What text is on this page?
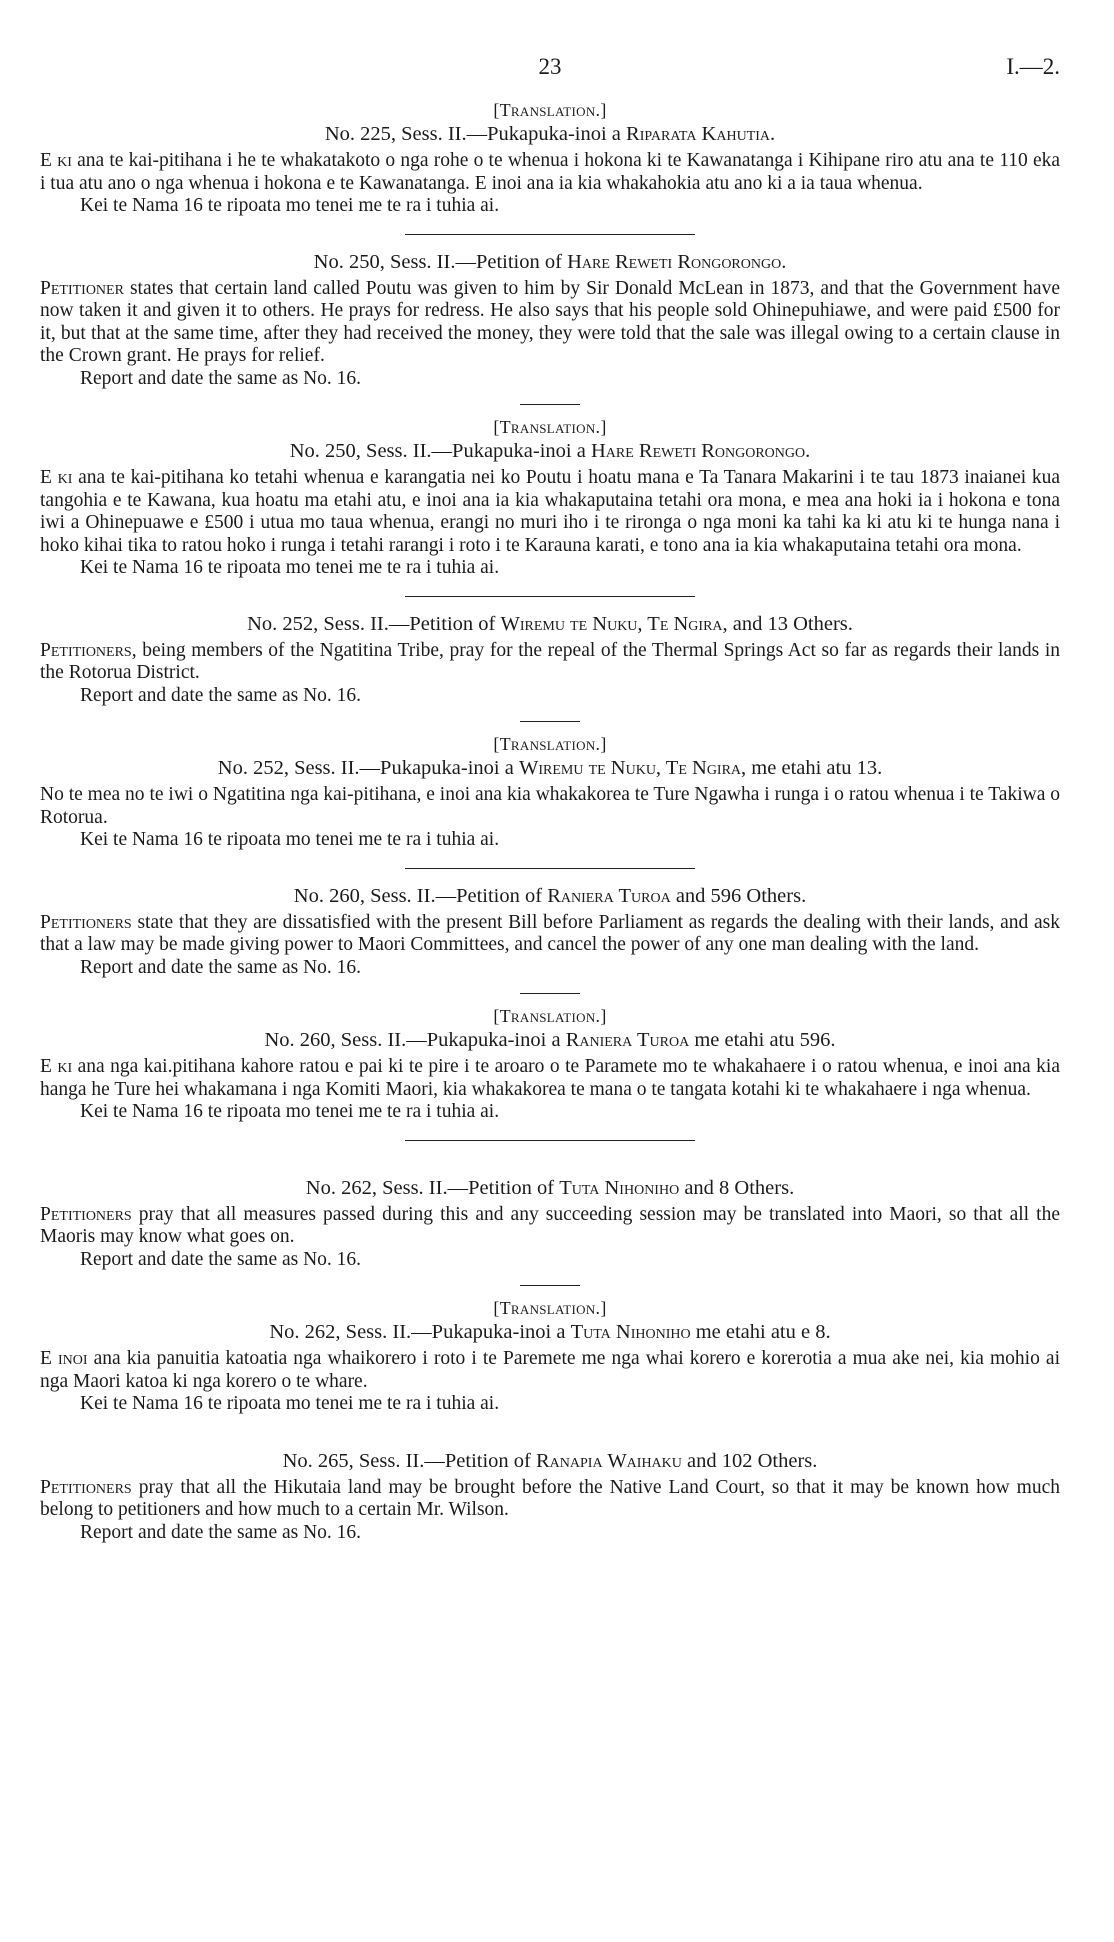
23	I.—2.
[Translation.]
No. 225, Sess. II.—Pukapuka-inoi a Riparata Kahutia.

E ki ana te kai-pitihana i he te whakatakoto o nga rohe o te whenua i hokona ki te Kawanatanga i Kihipane riro atu ana te 110 eka i tua atu ano o nga whenua i hokona e te Kawanatanga. E inoi ana ia kia whakahokia atu ano ki a ia taua whenua.

Kei te Nama 16 te ripoata mo tenei me te ra i tuhia ai.

No. 250, Sess. II.—Petition of Hare Reweti Rongorongo.

Petitioner states that certain land called Poutu was given to him by Sir Donald McLean in 1873, and that the Government have now taken it and given it to others. He prays for redress. He also says that his people sold Ohinepuhiawe, and were paid £500 for it, but that at the same time, after they had received the money, they were told that the sale was illegal owing to a certain clause in the Crown grant. He prays for relief.

Report and date the same as No. 16.

[Translation.]
No. 250, Sess. II.—Pukapuka-inoi a Hare Reweti Rongorongo.

E ki ana te kai-pitihana ko tetahi whenua e karangatia nei ko Poutu i hoatu mana e Ta Tanara Makarini i te tau 1873 inaianei kua tangohia e te Kawana, kua hoatu ma etahi atu, e inoi ana ia kia whakaputaina tetahi ora mona, e mea ana hoki ia i hokona e tona iwi a Ohinepuawe e £500 i utua mo taua whenua, erangi no muri iho i te rironga o nga moni ka tahi ka ki atu ki te hunga nana i hoko kihai tika to ratou hoko i runga i tetahi rarangi i roto i te Karauna karati, e tono ana ia kia whakaputaina tetahi ora mona.

Kei te Nama 16 te ripoata mo tenei me te ra i tuhia ai.

No. 252, Sess. II.—Petition of Wiremu te Nuku, Te Ngira, and 13 Others.

Petitioners, being members of the Ngatitina Tribe, pray for the repeal of the Thermal Springs Act so far as regards their lands in the Rotorua District.

Report and date the same as No. 16.

[Translation.]
No. 252, Sess. II.—Pukapuka-inoi a Wiremu te Nuku, Te Ngira, me etahi atu 13.

No te mea no te iwi o Ngatitina nga kai-pitihana, e inoi ana kia whakakorea te Ture Ngawha i runga i o ratou whenua i te Takiwa o Rotorua.

Kei te Nama 16 te ripoata mo tenei me te ra i tuhia ai.

No. 260, Sess. II.—Petition of Raniera Turoa and 596 Others.

Petitioners state that they are dissatisfied with the present Bill before Parliament as regards the dealing with their lands, and ask that a law may be made giving power to Maori Committees, and cancel the power of any one man dealing with the land.

Report and date the same as No. 16.

[Translation.]
No. 260, Sess. II.—Pukapuka-inoi a Raniera Turoa me etahi atu 596.

E ki ana nga kai.pitihana kahore ratou e pai ki te pire i te aroaro o te Paramete mo te whakahaere i o ratou whenua, e inoi ana kia hanga he Ture hei whakamana i nga Komiti Maori, kia whakakorea te mana o te tangata kotahi ki te whakahaere i nga whenua.

Kei te Nama 16 te ripoata mo tenei me te ra i tuhia ai.

No. 262, Sess. II.—Petition of Tuta Nihoniho and 8 Others.

Petitioners pray that all measures passed during this and any succeeding session may be translated into Maori, so that all the Maoris may know what goes on.

Report and date the same as No. 16.

[Translation.]
No. 262, Sess. II.—Pukapuka-inoi a Tuta Nihoniho me etahi atu e 8.

E inoi ana kia panuitia katoatia nga whaikorero i roto i te Paremete me nga whai korero e korerotia a mua ake nei, kia mohio ai nga Maori katoa ki nga korero o te whare.

Kei te Nama 16 te ripoata mo tenei me te ra i tuhia ai.

No. 265, Sess. II.—Petition of Ranapia Waihaku and 102 Others.

Petitioners pray that all the Hikutaia land may be brought before the Native Land Court, so that it may be known how much belong to petitioners and how much to a certain Mr. Wilson.

Report and date the same as No. 16.
